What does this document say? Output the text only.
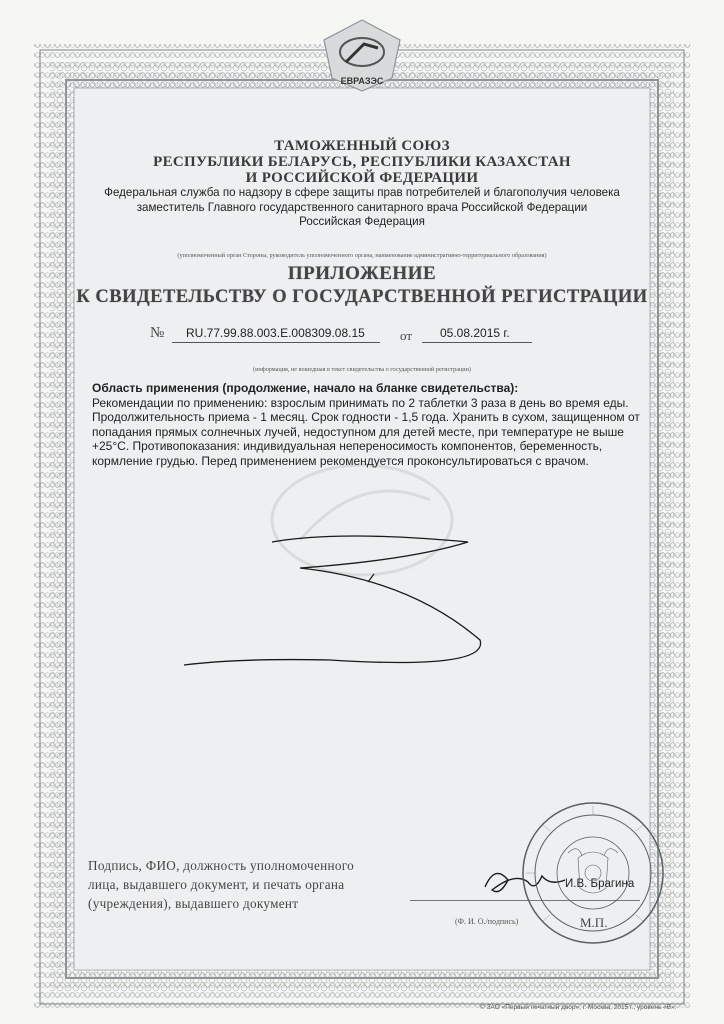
ЕВРАЗЭС
ТАМОЖЕННЫЙ СОЮЗ
РЕСПУБЛИКИ БЕЛАРУСЬ, РЕСПУБЛИКИ КАЗАХСТАН
И РОССИЙСКОЙ ФЕДЕРАЦИИ
Федеральная служба по надзору в сфере защиты прав потребителей и благополучия человека
заместитель Главного государственного санитарного врача Российской Федерации
Российская Федерация
(уполномоченный орган Стороны, руководитель уполномоченного органа, наименование административно-территориального образования)
ПРИЛОЖЕНИЕ
К СВИДЕТЕЛЬСТВУ О ГОСУДАРСТВЕННОЙ РЕГИСТРАЦИИ
№ RU.77.99.88.003.Е.008309.08.15	от 05.08.2015 г.
(информация, не вошедшая в текст свидетельства о государственной регистрации)
Область применения (продолжение, начало на бланке свидетельства):
Рекомендации по применению: взрослым принимать по 2 таблетки 3 раза в день во время еды.
Продолжительность приема - 1 месяц. Срок годности - 1,5 года. Хранить в сухом, защищенном от
попадания прямых солнечных лучей, недоступном для детей месте, при температуре не выше
+25°С. Противопоказания: индивидуальная непереносимость компонентов, беременность,
кормление грудью. Перед применением рекомендуется проконсультироваться с врачом.
Подпись, ФИО, должность уполномоченного
лица, выдавшего документ, и печать органа
(учреждения), выдавшего документ
И.В. Брагина
(Ф. И. О./подпись)	М.П.
© ЗАО «Первый печатный двор», г. Москва, 2015 г., уровень «В».
